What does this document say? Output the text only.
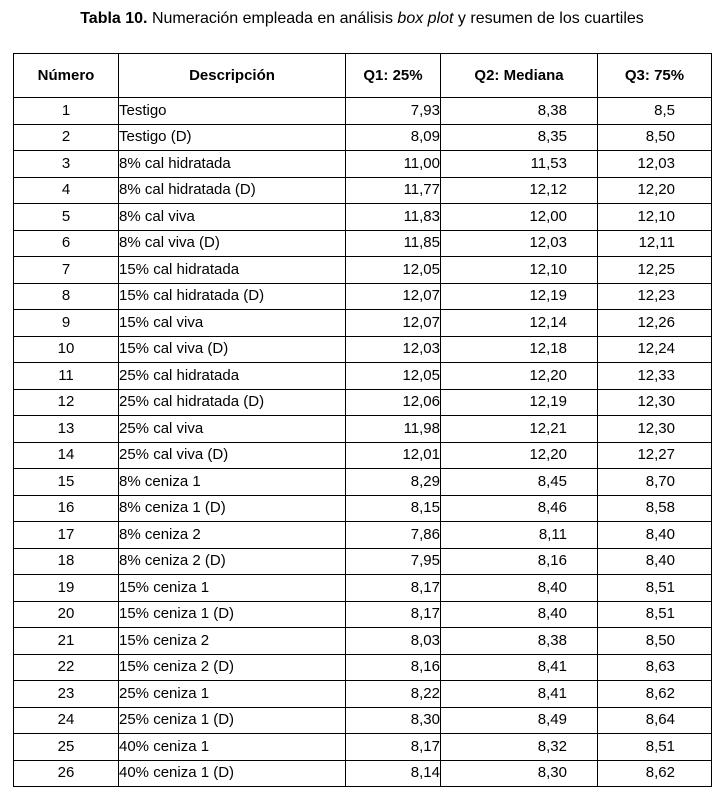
Tabla 10. Numeración empleada en análisis box plot y resumen de los cuartiles
Número	Descripción	Q1: 25%	Q2: Mediana	Q3: 75%
1	Testigo	7,93	8,38	8,5
2	Testigo (D)	8,09	8,35	8,50
3	8% cal hidratada	11,00	11,53	12,03
4	8% cal hidratada (D)	11,77	12,12	12,20
5	8% cal viva	11,83	12,00	12,10
6	8% cal viva (D)	11,85	12,03	12,11
7	15% cal hidratada	12,05	12,10	12,25
8	15% cal hidratada (D)	12,07	12,19	12,23
9	15% cal viva	12,07	12,14	12,26
10	15% cal viva (D)	12,03	12,18	12,24
11	25% cal hidratada	12,05	12,20	12,33
12	25% cal hidratada (D)	12,06	12,19	12,30
13	25% cal viva	11,98	12,21	12,30
14	25% cal viva (D)	12,01	12,20	12,27
15	8% ceniza 1	8,29	8,45	8,70
16	8% ceniza 1 (D)	8,15	8,46	8,58
17	8% ceniza 2	7,86	8,11	8,40
18	8% ceniza 2 (D)	7,95	8,16	8,40
19	15% ceniza 1	8,17	8,40	8,51
20	15% ceniza 1 (D)	8,17	8,40	8,51
21	15% ceniza 2	8,03	8,38	8,50
22	15% ceniza 2 (D)	8,16	8,41	8,63
23	25% ceniza 1	8,22	8,41	8,62
24	25% ceniza 1 (D)	8,30	8,49	8,64
25	40% ceniza 1	8,17	8,32	8,51
26	40% ceniza 1 (D)	8,14	8,30	8,62
